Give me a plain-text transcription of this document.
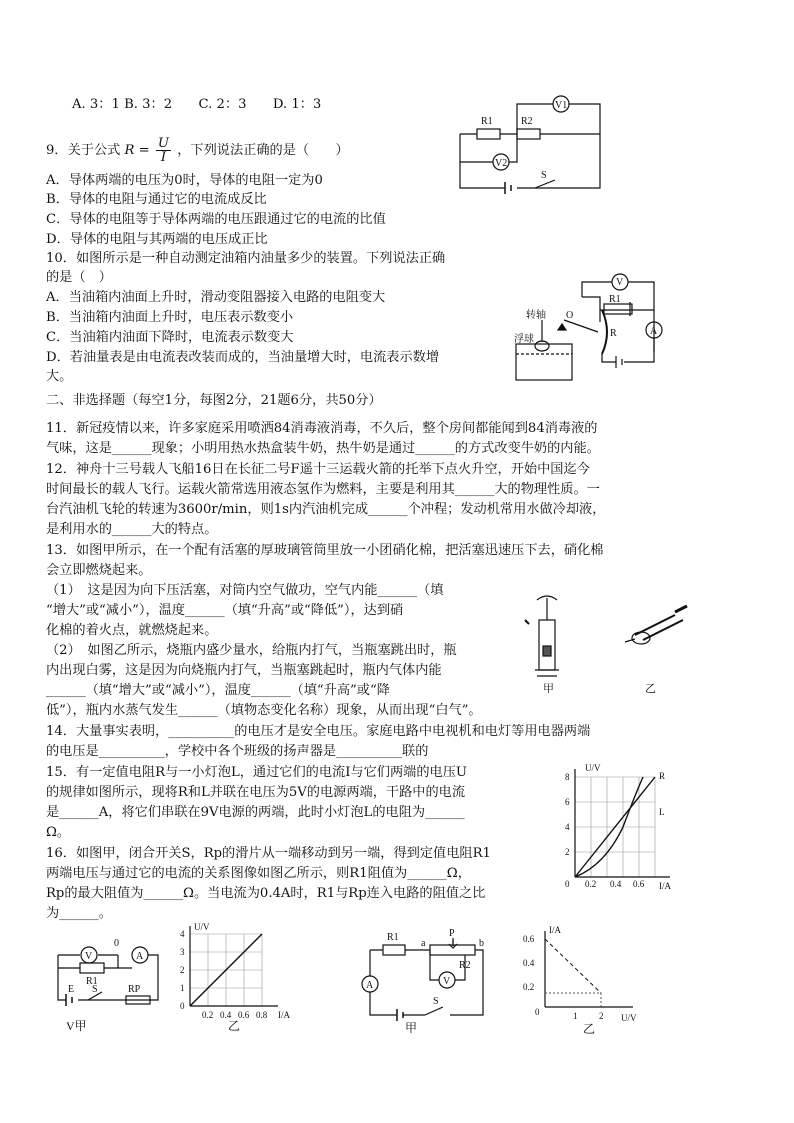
A. 3：1 B. 3：2　　C. 2：3　　D. 1：3
9．关于公式 $R = \frac{U}{I}$ ，下列说法正确的是（　　）
A．导体两端的电压为0时，导体的电阻一定为0
B．导体的电阻与通过它的电流成反比
C．导体的电阻等于导体两端的电压跟通过它的电流的比值
D．导体的电阻与其两端的电压成正比
10．如图所示是一种自动测定油箱内油量多少的装置。下列说法正确
的是（　）
A．当油箱内油面上升时，滑动变阻器接入电路的电阻变大
B．当油箱内油面上升时，电压表示数变小
C．当油箱内油面下降时，电流表示数变大
D．若油量表是由电流表改装而成的，当油量增大时，电流表示数增
大。
二、非选择题（每空1分，每图2分，21题6分，共50分）
11．新冠疫情以来，许多家庭采用喷洒84消毒液消毒，不久后，整个房间都能闻到84消毒液的
气味，这是______现象；小明用热水热盒装牛奶，热牛奶是通过______的方式改变牛奶的内能。
12．神舟十三号载人飞船16日在长征二号F遥十三运载火箭的托举下点火升空，开始中国迄今
时间最长的载人飞行。运载火箭常选用液态氢作为燃料，主要是利用其______大的物理性质。一
台汽油机飞轮的转速为3600r/min，则1s内汽油机完成______个冲程；发动机常用水做冷却液，
是利用水的______大的特点。
13．如图甲所示，在一个配有活塞的厚玻璃管筒里放一小团硝化棉，把活塞迅速压下去，硝化棉
会立即燃烧起来。
（1）　这是因为向下压活塞，对筒内空气做功，空气内能______（填
“增大”或“减小”），温度______（填“升高”或“降低”），达到硝
化棉的着火点，就燃烧起来。
（2）　如图乙所示，烧瓶内盛少量水，给瓶内打气，当瓶塞跳出时，瓶
内出现白雾，这是因为向烧瓶内打气，当瓶塞跳起时，瓶内气体内能
______（填“增大”或“减小”），温度______（填“升高”或“降
低”），瓶内水蒸气发生______（填物态变化名称）现象，从而出现“白气”。
14．大量事实表明，__________的电压才是安全电压。家庭电路中电视机和电灯等用电器两端
的电压是__________，学校中各个班级的扬声器是__________联的
15．有一定值电阻R与一小灯泡L，通过它们的电流I与它们两端的电压U
的规律如图所示，现将R和L并联在电压为5V的电源两端，干路中的电流
是______A，将它们串联在9V电源的两端，此时小灯泡L的电阻为______
Ω。
16．如图甲，闭合开关S，Rp的滑片从一端移动到另一端，得到定值电阻R1
两端电压与通过它的电流的关系图像如图乙所示，则R1阻值为______Ω，
Rp的最大阻值为______Ω。当电流为0.4A时，R1与Rp连入电路的阻值之比
为______。
R1	R2
V1
V2
S
V
转轴 O
R1
R	A
浮球
甲	乙
U/V
I/A
8
6
4
2
0 0.2 0.4 0.6
R
L
V
0
R1
A
E S	RP
V甲
U/V
I/A
4
3
2
1
0
0.2 0.4 0.6 0.8
乙
R1
a
P
b
R2
A	V
S
甲
I/A
U/V
0.6
0.4
0.2
0	1 2
乙
